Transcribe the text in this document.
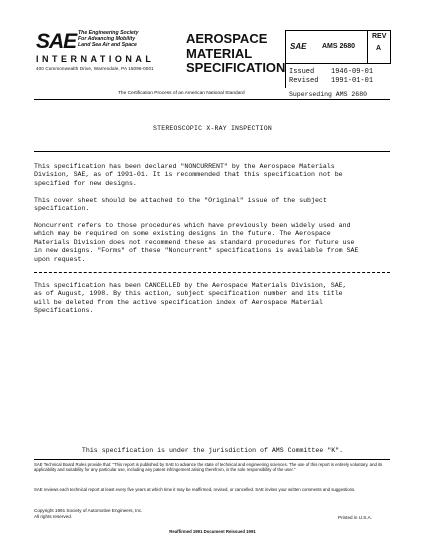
SAE The Engineering Society
For Advancing Mobility
Land Sea Air and Space
INTERNATIONAL
400 Commonwealth Drive, Warrendale, PA 15096-0001
AEROSPACE
MATERIAL
SPECIFICATION
SAE AMS 2680
REV
A
Issued    1946-09-01
Revised   1991-01-01
Superseding AMS 2680
The Certification Process of an American National Standard
STEREOSCOPIC X-RAY INSPECTION
This specification has been declared "NONCURRENT" by the Aerospace Materials
Division, SAE, as of 1991-01. It is recommended that this specification not be
specified for new designs.
This cover sheet should be attached to the "Original" issue of the subject
specification.
Noncurrent refers to those procedures which have previously been widely used and
which may be required on some existing designs in the future. The Aerospace
Materials Division does not recommend these as standard procedures for future use
in new designs. "Forms" of these "Noncurrent" specifications is available from SAE
upon request.
This specification has been CANCELLED by the Aerospace Materials Division, SAE,
as of August, 1998. By this action, subject specification number and its title
will be deleted from the active specification index of Aerospace Material
Specifications.
This specification is under the jurisdiction of AMS Committee "K".
SAE Technical Board Rules provide that: "This report is published by SAE to advance the state of technical and engineering sciences. The use of this report is entirely voluntary, and its applicability and suitability for any particular use, including any patent infringement arising therefrom, is the sole responsibility of the user."
SAE reviews each technical report at least every five years at which time it may be reaffirmed, revised, or cancelled. SAE invites your written comments and suggestions.
Copyright 1991 Society of Automotive Engineers, Inc.
All rights reserved.	Printed in U.S.A.
Reaffirmed 1991 Document Reissued 1991
